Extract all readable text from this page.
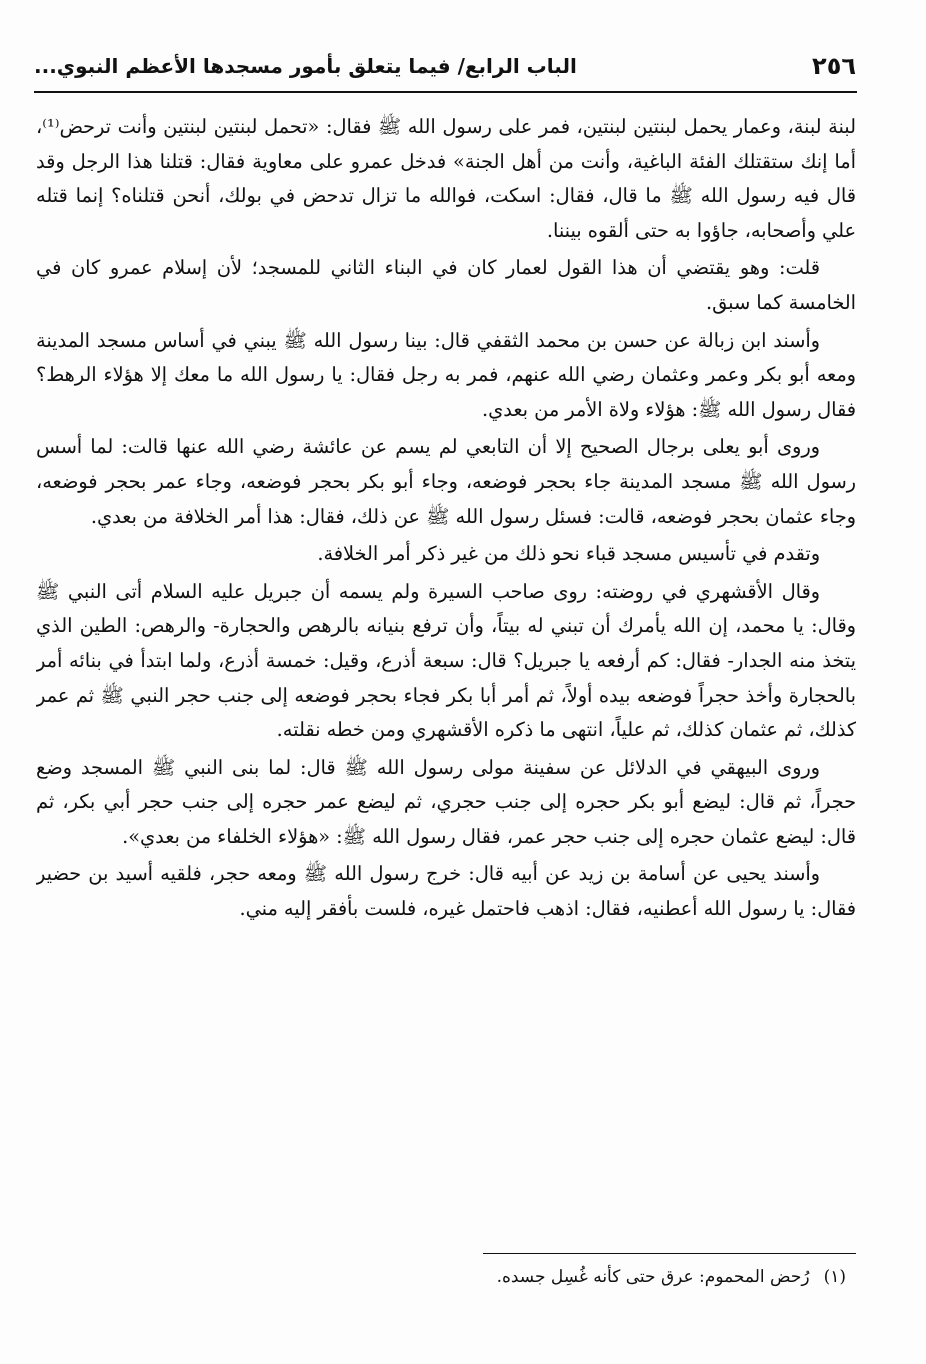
٢٥٦
الباب الرابع/ فيما يتعلق بأمور مسجدها الأعظم النبوي...

لبنة لبنة، وعمار يحمل لبنتين لبنتين، فمر على رسول الله ﷺ فقال: «تحمل لبنتين لبنتين وأنت ترحض⁽¹⁾، أما إنك ستقتلك الفئة الباغية، وأنت من أهل الجنة» فدخل عمرو على معاوية فقال: قتلنا هذا الرجل وقد قال فيه رسول الله ﷺ ما قال، فقال: اسكت، فوالله ما تزال تدحض في بولك، أنحن قتلناه؟ إنما قتله علي وأصحابه، جاؤوا به حتى ألقوه بيننا.

قلت: وهو يقتضي أن هذا القول لعمار كان في البناء الثاني للمسجد؛ لأن إسلام عمرو كان في الخامسة كما سبق.

وأسند ابن زبالة عن حسن بن محمد الثقفي قال: بينا رسول الله ﷺ يبني في أساس مسجد المدينة ومعه أبو بكر وعمر وعثمان رضي الله عنهم، فمر به رجل فقال: يا رسول الله ما معك إلا هؤلاء الرهط؟ فقال رسول الله ﷺ: هؤلاء ولاة الأمر من بعدي.

وروى أبو يعلى برجال الصحيح إلا أن التابعي لم يسم عن عائشة رضي الله عنها قالت: لما أسس رسول الله ﷺ مسجد المدينة جاء بحجر فوضعه، وجاء أبو بكر بحجر فوضعه، وجاء عمر بحجر فوضعه، وجاء عثمان بحجر فوضعه، قالت: فسئل رسول الله ﷺ عن ذلك، فقال: هذا أمر الخلافة من بعدي.

وتقدم في تأسيس مسجد قباء نحو ذلك من غير ذكر أمر الخلافة.

وقال الأقشهري في روضته: روى صاحب السيرة ولم يسمه أن جبريل عليه السلام أتى النبي ﷺ وقال: يا محمد، إن الله يأمرك أن تبني له بيتاً، وأن ترفع بنيانه بالرهص والحجارة- والرهص: الطين الذي يتخذ منه الجدار- فقال: كم أرفعه يا جبريل؟ قال: سبعة أذرع، وقيل: خمسة أذرع، ولما ابتدأ في بنائه أمر بالحجارة وأخذ حجراً فوضعه بيده أولاً، ثم أمر أبا بكر فجاء بحجر فوضعه إلى جنب حجر النبي ﷺ ثم عمر كذلك، ثم عثمان كذلك، ثم علياً، انتهى ما ذكره الأقشهري ومن خطه نقلته.

وروى البيهقي في الدلائل عن سفينة مولى رسول الله ﷺ قال: لما بنى النبي ﷺ المسجد وضع حجراً، ثم قال: ليضع أبو بكر حجره إلى جنب حجري، ثم ليضع عمر حجره إلى جنب حجر أبي بكر، ثم قال: ليضع عثمان حجره إلى جنب حجر عمر، فقال رسول الله ﷺ: «هؤلاء الخلفاء من بعدي».

وأسند يحيى عن أسامة بن زيد عن أبيه قال: خرج رسول الله ﷺ ومعه حجر، فلقيه أسيد بن حضير فقال: يا رسول الله أعطنيه، فقال: اذهب فاحتمل غيره، فلست بأفقر إليه مني.

(١)رُحض المحموم: عرق حتى كأنه غُسِل جسده.
